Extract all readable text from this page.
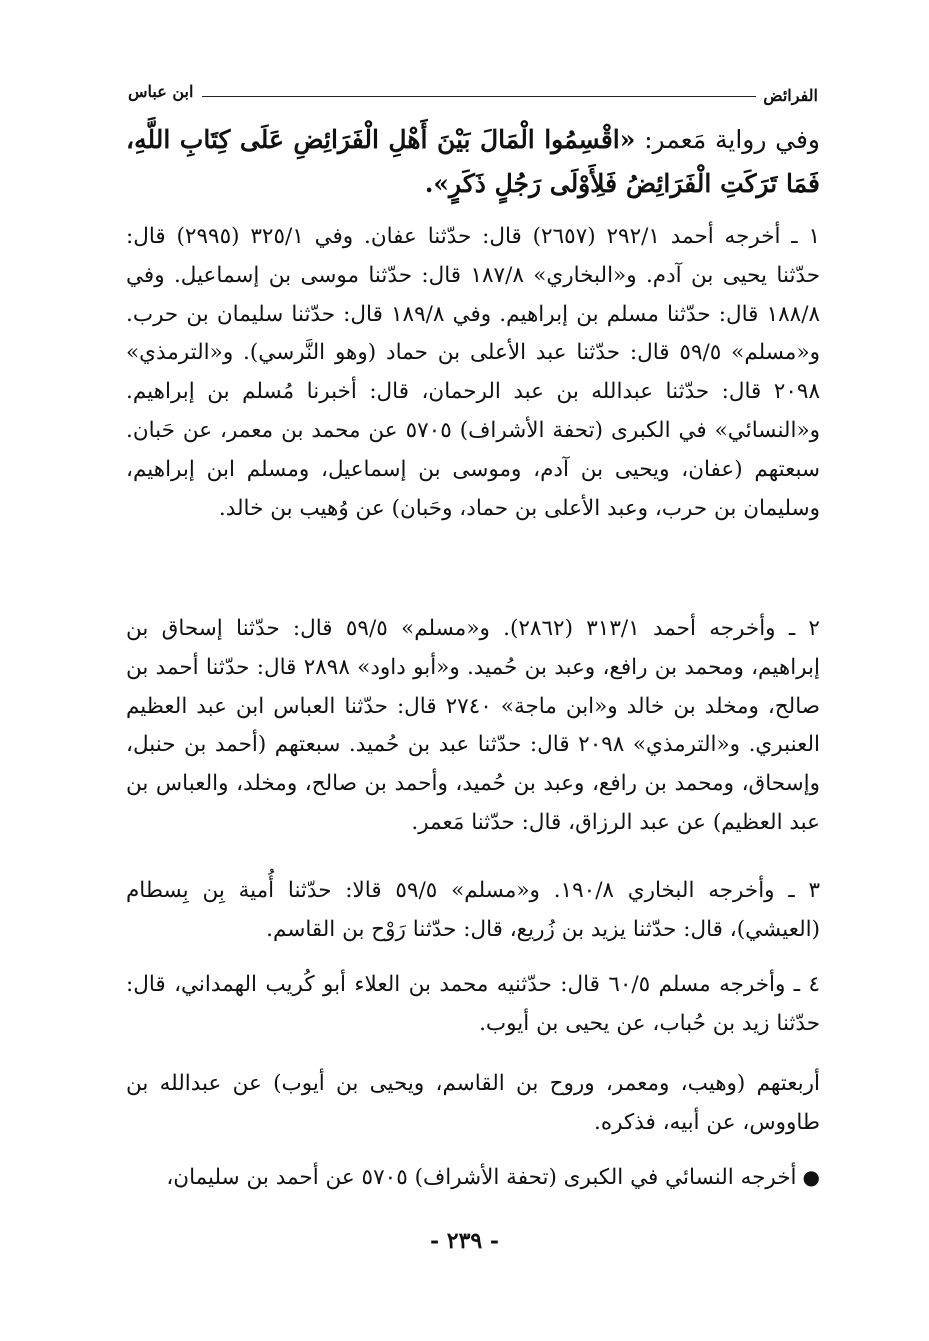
الفرائض
ابن عباس
وفي رواية مَعمر: «اقْسِمُوا الْمَالَ بَيْنَ أَهْلِ الْفَرَائِضِ عَلَى كِتَابِ اللَّهِ، فَمَا تَرَكَتِ الْفَرَائِضُ فَلِأَوْلَى رَجُلٍ ذَكَرٍ».
١ ـ أخرجه أحمد ٢٩٢/١ (٢٦٥٧) قال: حدّثنا عفان. وفي ٣٢٥/١ (٢٩٩٥) قال: حدّثنا يحيى بن آدم. و«البخاري» ١٨٧/٨ قال: حدّثنا موسى بن إسماعيل. وفي ١٨٨/٨ قال: حدّثنا مسلم بن إبراهيم. وفي ١٨٩/٨ قال: حدّثنا سليمان بن حرب. و«مسلم» ٥٩/٥ قال: حدّثنا عبد الأعلى بن حماد (وهو النَّرسي). و«الترمذي» ٢٠٩٨ قال: حدّثنا عبدالله بن عبد الرحمان، قال: أخبرنا مُسلم بن إبراهيم. و«النسائي» في الكبرى (تحفة الأشراف) ٥٧٠٥ عن محمد بن معمر، عن حَبان. سبعتهم (عفان، ويحيى بن آدم، وموسى بن إسماعيل، ومسلم ابن إبراهيم، وسليمان بن حرب، وعبد الأعلى بن حماد، وحَبان) عن وُهيب بن خالد.
٢ ـ وأخرجه أحمد ٣١٣/١ (٢٨٦٢). و«مسلم» ٥٩/٥ قال: حدّثنا إسحاق بن إبراهيم، ومحمد بن رافع، وعبد بن حُميد. و«أبو داود» ٢٨٩٨ قال: حدّثنا أحمد بن صالح، ومخلد بن خالد و«ابن ماجة» ٢٧٤٠ قال: حدّثنا العباس ابن عبد العظيم العنبري. و«الترمذي» ٢٠٩٨ قال: حدّثنا عبد بن حُميد. سبعتهم (أحمد بن حنبل، وإسحاق، ومحمد بن رافع، وعبد بن حُميد، وأحمد بن صالح، ومخلد، والعباس بن عبد العظيم) عن عبد الرزاق، قال: حدّثنا مَعمر.
٣ ـ وأخرجه البخاري ١٩٠/٨. و«مسلم» ٥٩/٥ قالا: حدّثنا أُمية بِن بِسطام (العيشي)، قال: حدّثنا يزيد بن زُريع، قال: حدّثنا رَوْح بن القاسم.
٤ ـ وأخرجه مسلم ٦٠/٥ قال: حدّثنيه محمد بن العلاء أبو كُريب الهمداني، قال: حدّثنا زيد بن حُباب، عن يحيى بن أيوب.
أربعتهم (وهيب، ومعمر، وروح بن القاسم، ويحيى بن أيوب) عن عبدالله بن طاووس، عن أبيه، فذكره.
●أخرجه النسائي في الكبرى (تحفة الأشراف) ٥٧٠٥ عن أحمد بن سليمان،
- ٢٣٩ -
